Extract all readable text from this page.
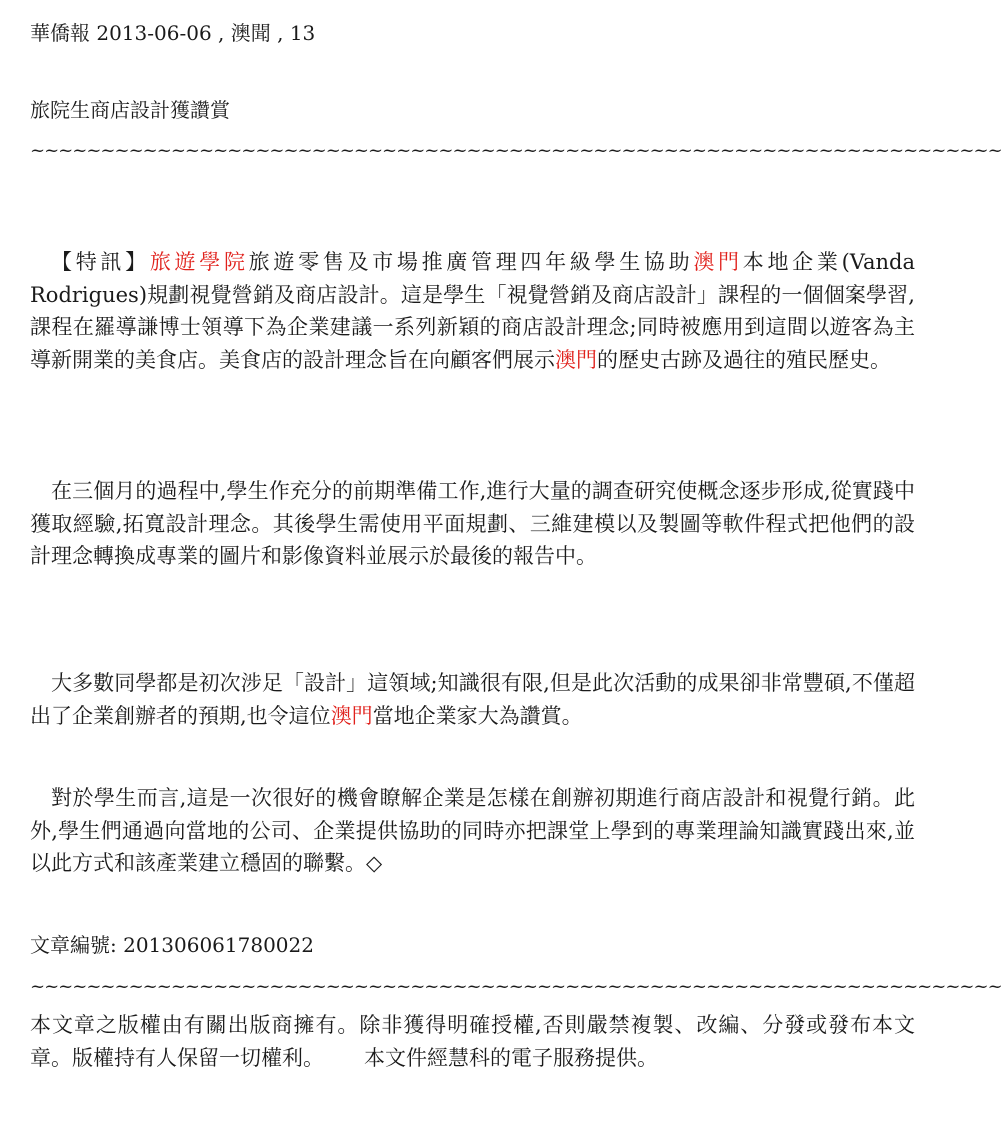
華僑報 2013-06-06 , 澳聞 , 13
旅院生商店設計獲讚賞
~~~~~~~~~~~~~~~~~~~~~~~~~~~~~~~~~~~~~~~~~~~~~~~~~~~~~~~~~~~~~~~~~~~~~
【特訊】旅遊學院旅遊零售及市場推廣管理四年級學生協助澳門本地企業(Vanda Rodrigues)規劃視覺營銷及商店設計。這是學生「視覺營銷及商店設計」課程的一個個案學習,課程在羅導謙博士領導下為企業建議一系列新穎的商店設計理念;同時被應用到這間以遊客為主導新開業的美食店。美食店的設計理念旨在向顧客們展示澳門的歷史古跡及過往的殖民歷史。
在三個月的過程中,學生作充分的前期準備工作,進行大量的調查研究使概念逐步形成,從實踐中獲取經驗,拓寬設計理念。其後學生需使用平面規劃、三維建模以及製圖等軟件程式把他們的設計理念轉換成專業的圖片和影像資料並展示於最後的報告中。
大多數同學都是初次涉足「設計」這領域;知識很有限,但是此次活動的成果卻非常豐碩,不僅超出了企業創辦者的預期,也令這位澳門當地企業家大為讚賞。
對於學生而言,這是一次很好的機會瞭解企業是怎樣在創辦初期進行商店設計和視覺行銷。此外,學生們通過向當地的公司、企業提供協助的同時亦把課堂上學到的專業理論知識實踐出來,並以此方式和該產業建立穩固的聯繫。◇
文章編號: 201306061780022
~~~~~~~~~~~~~~~~~~~~~~~~~~~~~~~~~~~~~~~~~~~~~~~~~~~~~~~~~~~~~~~~~~~~~
本文章之版權由有關出版商擁有。除非獲得明確授權,否則嚴禁複製、改編、分發或發布本文章。版權持有人保留一切權利。 本文件經慧科的電子服務提供。
